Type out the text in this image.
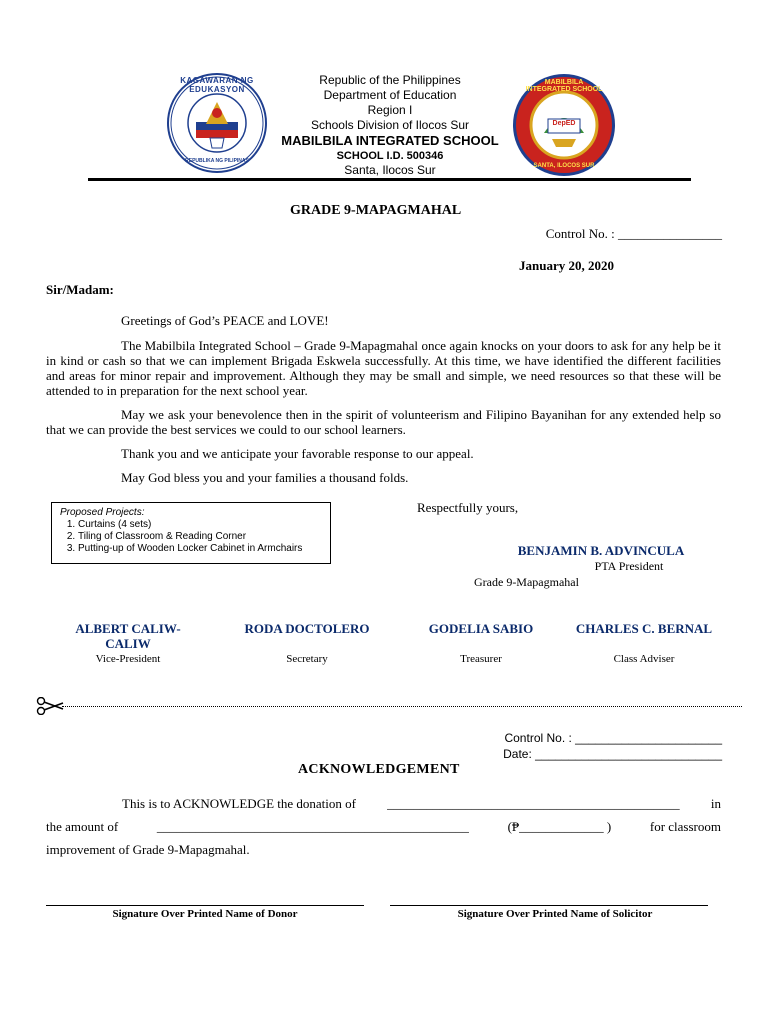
KAGAWARAN NG EDUKASYON
REPUBLIKA NG PILIPINAS
MABILBILA INTEGRATED SCHOOL
DepED
SANTA, ILOCOS SUR
Republic of the Philippines
Department of Education
Region I
Schools Division of Ilocos Sur
MABILBILA INTEGRATED SCHOOL
SCHOOL I.D. 500346
Santa, Ilocos Sur
GRADE 9-MAPAGMAHAL
Control No. : ________________
January 20, 2020
Sir/Madam:
Greetings of God’s PEACE and LOVE!
The Mabilbila Integrated School – Grade 9-Mapagmahal once again knocks on your doors to ask for any help be it in kind or cash so that we can implement Brigada Eskwela successfully. At this time, we have identified the different facilities and areas for minor repair and improvement. Although they may be small and simple, we need resources so that these will be attended to in preparation for the next school year.
May we ask your benevolence then in the spirit of volunteerism and Filipino Bayanihan for any extended help so that we can provide the best services we could to our school learners.
Thank you and we anticipate your favorable response to our appeal.
May God bless you and your families a thousand folds.
Respectfully yours,
Proposed Projects:
1. Curtains (4 sets)
2. Tiling of Classroom & Reading Corner
3. Putting-up of Wooden Locker Cabinet in Armchairs	BENJAMIN B. ADVINCULA
PTA President
Grade 9-Mapagmahal
ALBERT CALIW-CALIW
Vice-President
RODA DOCTOLERO
Secretary
GODELIA SABIO
Treasurer
CHARLES C. BERNAL
Class Adviser
Control No. : ______________________
Date: ____________________________
ACKNOWLEDGEMENT
This is to ACKNOWLEDGE the donation of _____________________________________________ in
the amount of	________________________________________________	(₱_____________ )	for classroom
improvement of Grade 9-Mapagmahal.
Signature Over Printed Name of Donor	Signature Over Printed Name of Solicitor
